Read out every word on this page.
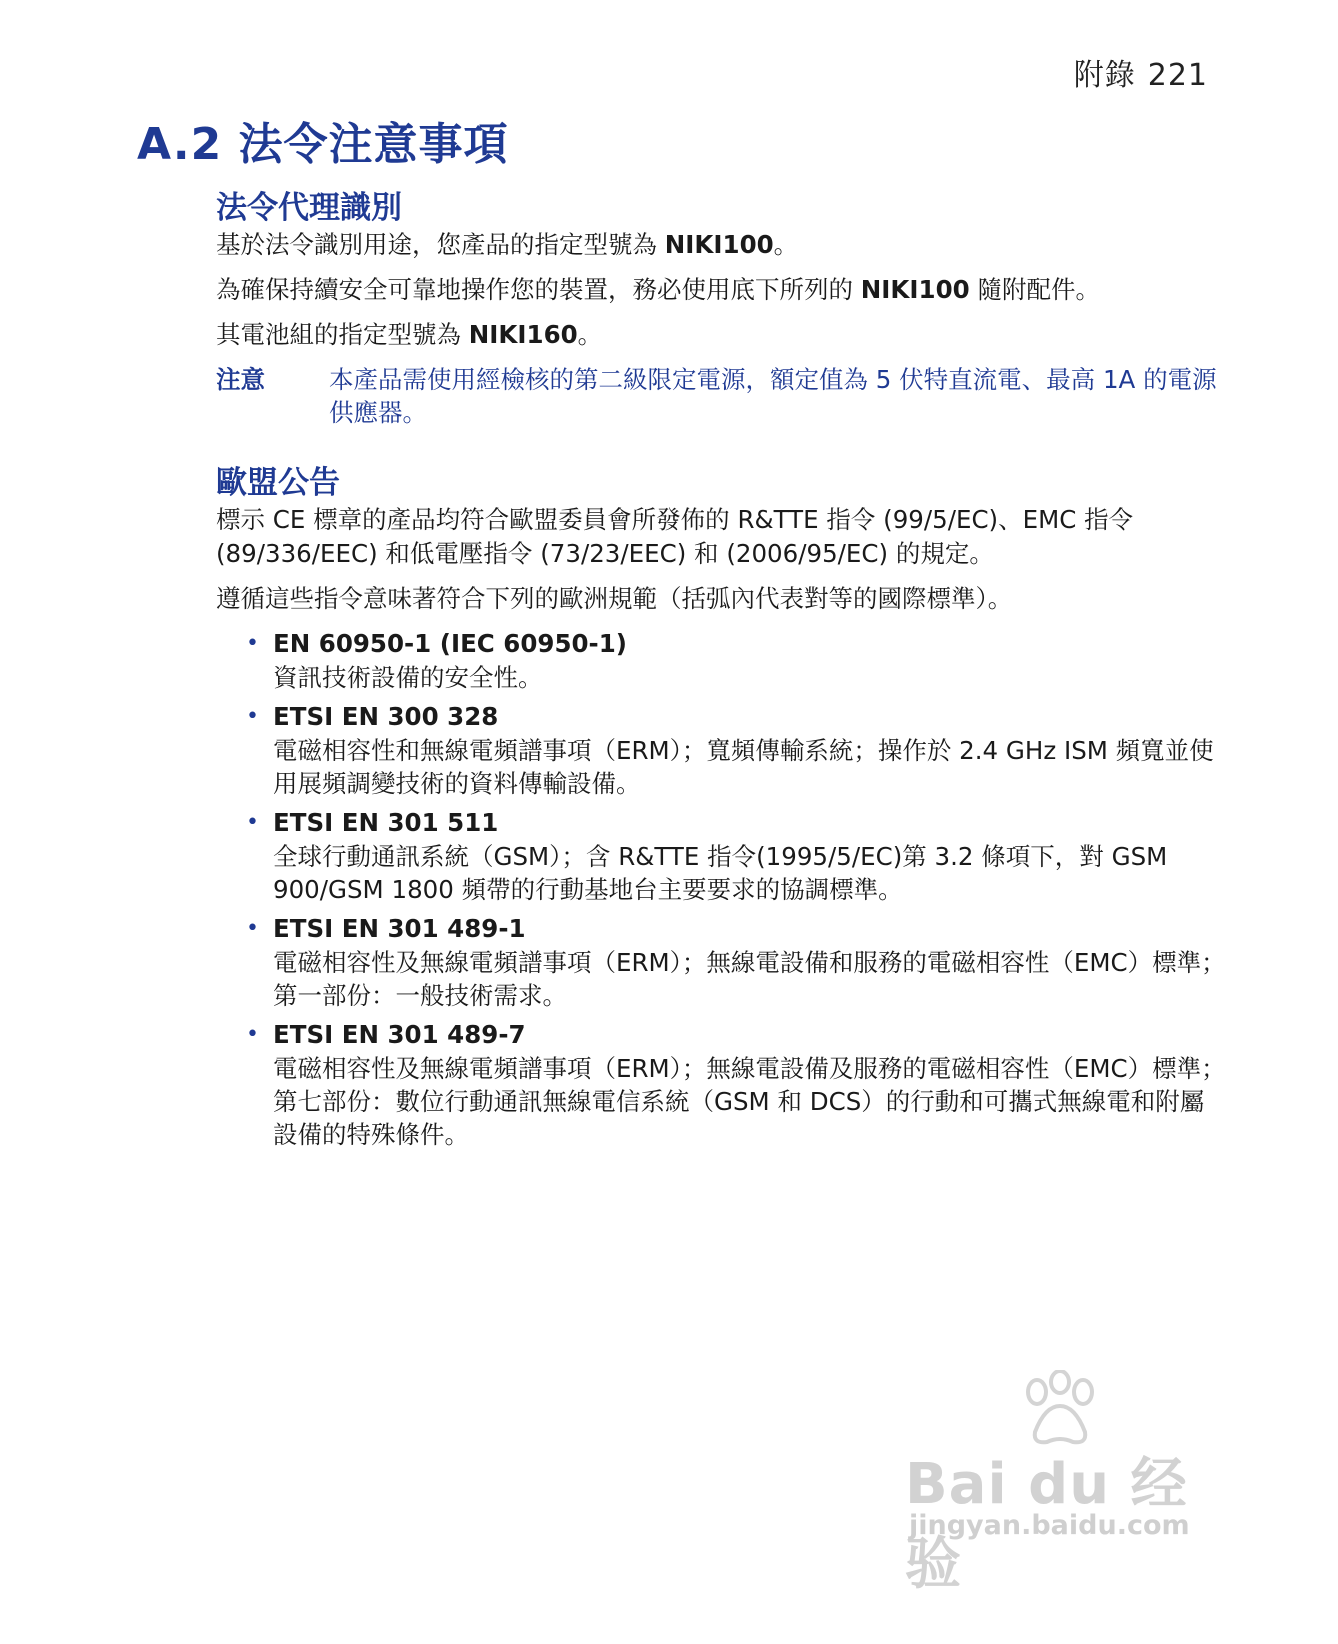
附錄 221
A.2 法令注意事項
法令代理識別

基於法令識別用途，您產品的指定型號為 NIKI100。

為確保持續安全可靠地操作您的裝置，務必使用底下所列的 NIKI100 隨附配件。

其電池組的指定型號為 NIKI160。

注意	本產品需使用經檢核的第二級限定電源，額定值為 5 伏特直流電、最高 1A 的電源供應器。
歐盟公告

標示 CE 標章的產品均符合歐盟委員會所發佈的 R&TTE 指令 (99/5/EC)、EMC 指令 (89/336/EEC) 和低電壓指令 (73/23/EEC) 和 (2006/95/EC) 的規定。

遵循這些指令意味著符合下列的歐洲規範（括弧內代表對等的國際標準）。

• EN 60950-1 (IEC 60950-1)
資訊技術設備的安全性。
• ETSI EN 300 328
電磁相容性和無線電頻譜事項（ERM）；寬頻傳輸系統；操作於 2.4 GHz ISM 頻寬並使用展頻調變技術的資料傳輸設備。
• ETSI EN 301 511
全球行動通訊系統（GSM）；含 R&TTE 指令(1995/5/EC)第 3.2 條項下，對 GSM 900/GSM 1800 頻帶的行動基地台主要要求的協調標準。
• ETSI EN 301 489-1
電磁相容性及無線電頻譜事項（ERM）；無線電設備和服務的電磁相容性（EMC）標準；第一部份：一般技術需求。
• ETSI EN 301 489-7
電磁相容性及無線電頻譜事項（ERM）；無線電設備及服務的電磁相容性（EMC）標準；第七部份：數位行動通訊無線電信系統（GSM 和 DCS）的行動和可攜式無線電和附屬設備的特殊條件。
Bai du 经验
jingyan.baidu.com
